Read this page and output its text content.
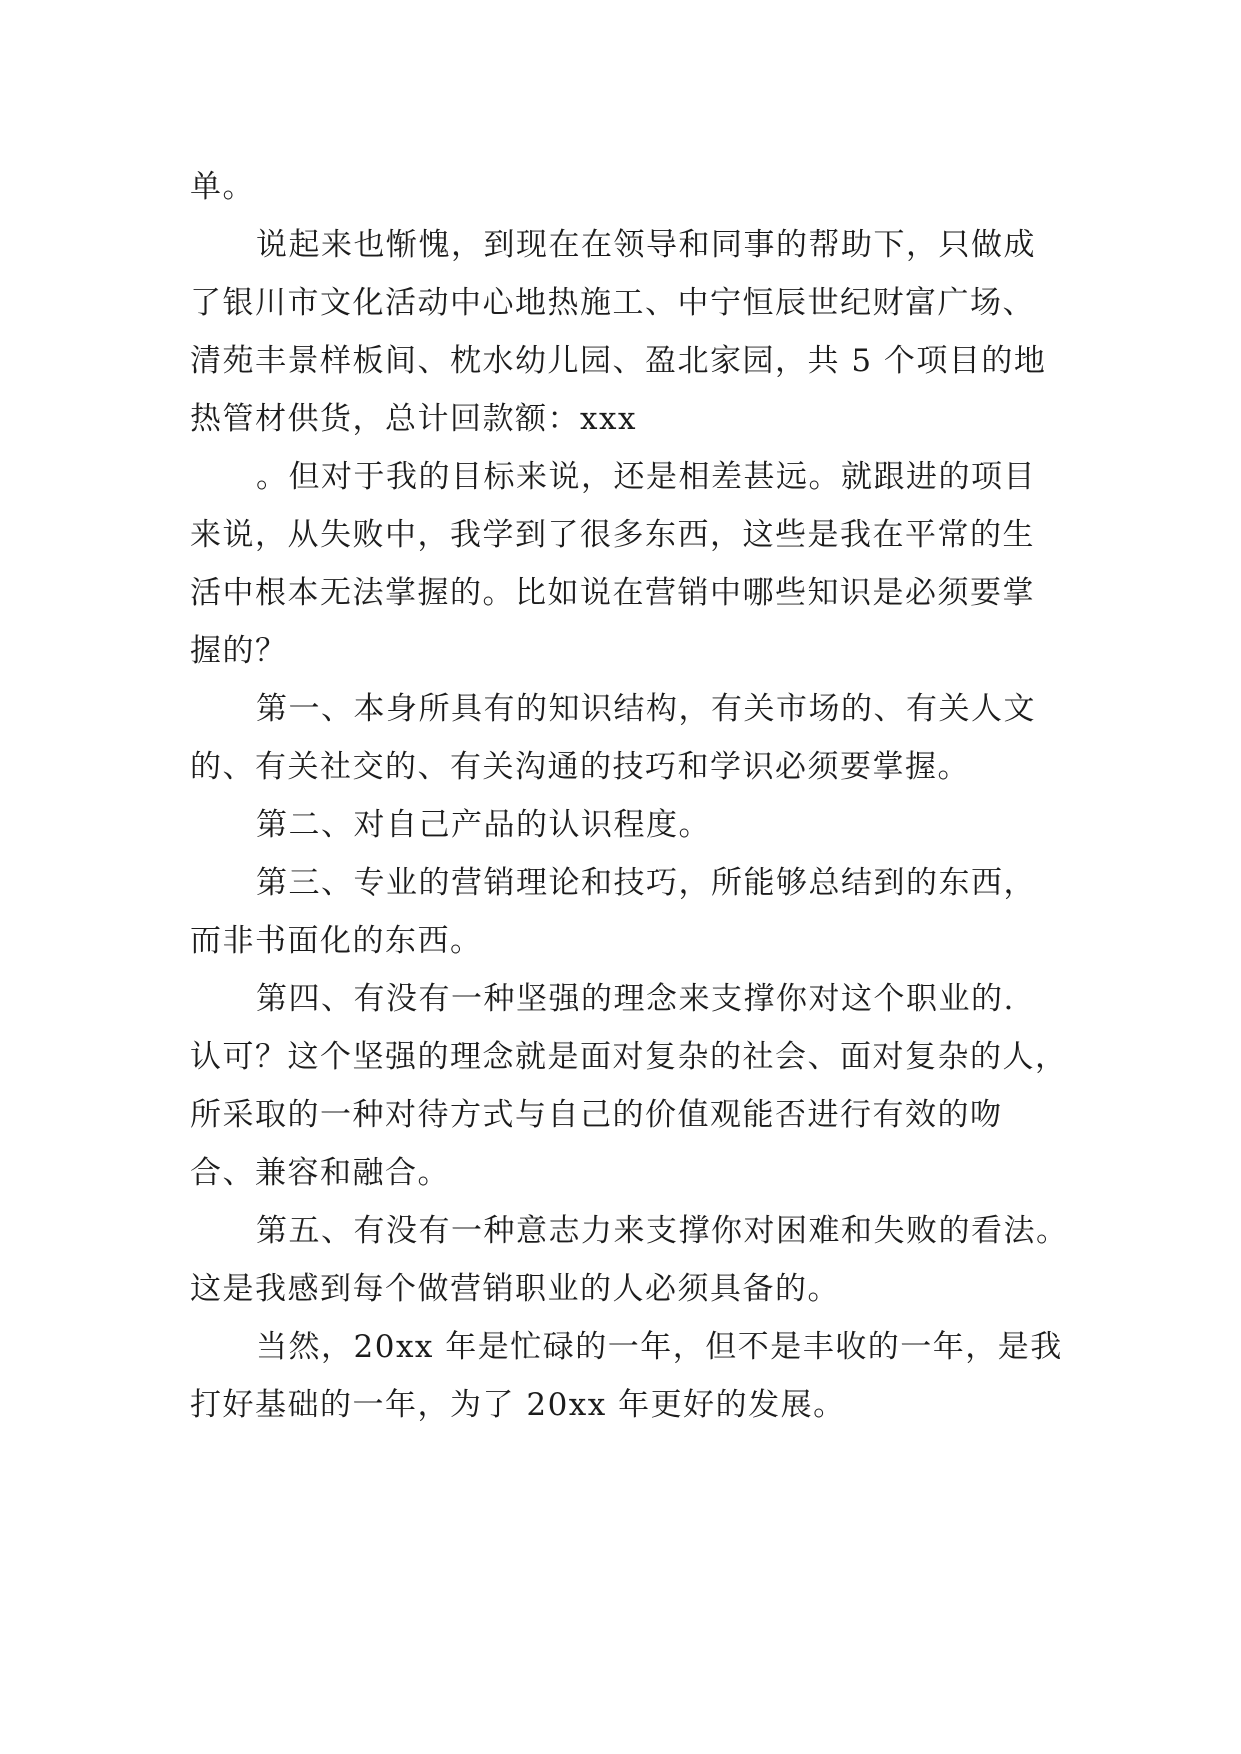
单。
说起来也惭愧，到现在在领导和同事的帮助下，只做成
了银川市文化活动中心地热施工、中宁恒辰世纪财富广场、
清苑丰景样板间、枕水幼儿园、盈北家园，共 5 个项目的地
热管材供货，总计回款额：xxx
。但对于我的目标来说，还是相差甚远。就跟进的项目
来说，从失败中，我学到了很多东西，这些是我在平常的生
活中根本无法掌握的。比如说在营销中哪些知识是必须要掌
握的？
第一、本身所具有的知识结构，有关市场的、有关人文
的、有关社交的、有关沟通的技巧和学识必须要掌握。
第二、对自己产品的认识程度。
第三、专业的营销理论和技巧，所能够总结到的东西，
而非书面化的东西。
第四、有没有一种坚强的理念来支撑你对这个职业的.
认可？这个坚强的理念就是面对复杂的社会、面对复杂的人，
所采取的一种对待方式与自己的价值观能否进行有效的吻
合、兼容和融合。
第五、有没有一种意志力来支撑你对困难和失败的看法。
这是我感到每个做营销职业的人必须具备的。
当然，20xx 年是忙碌的一年，但不是丰收的一年，是我
打好基础的一年，为了 20xx 年更好的发展。
